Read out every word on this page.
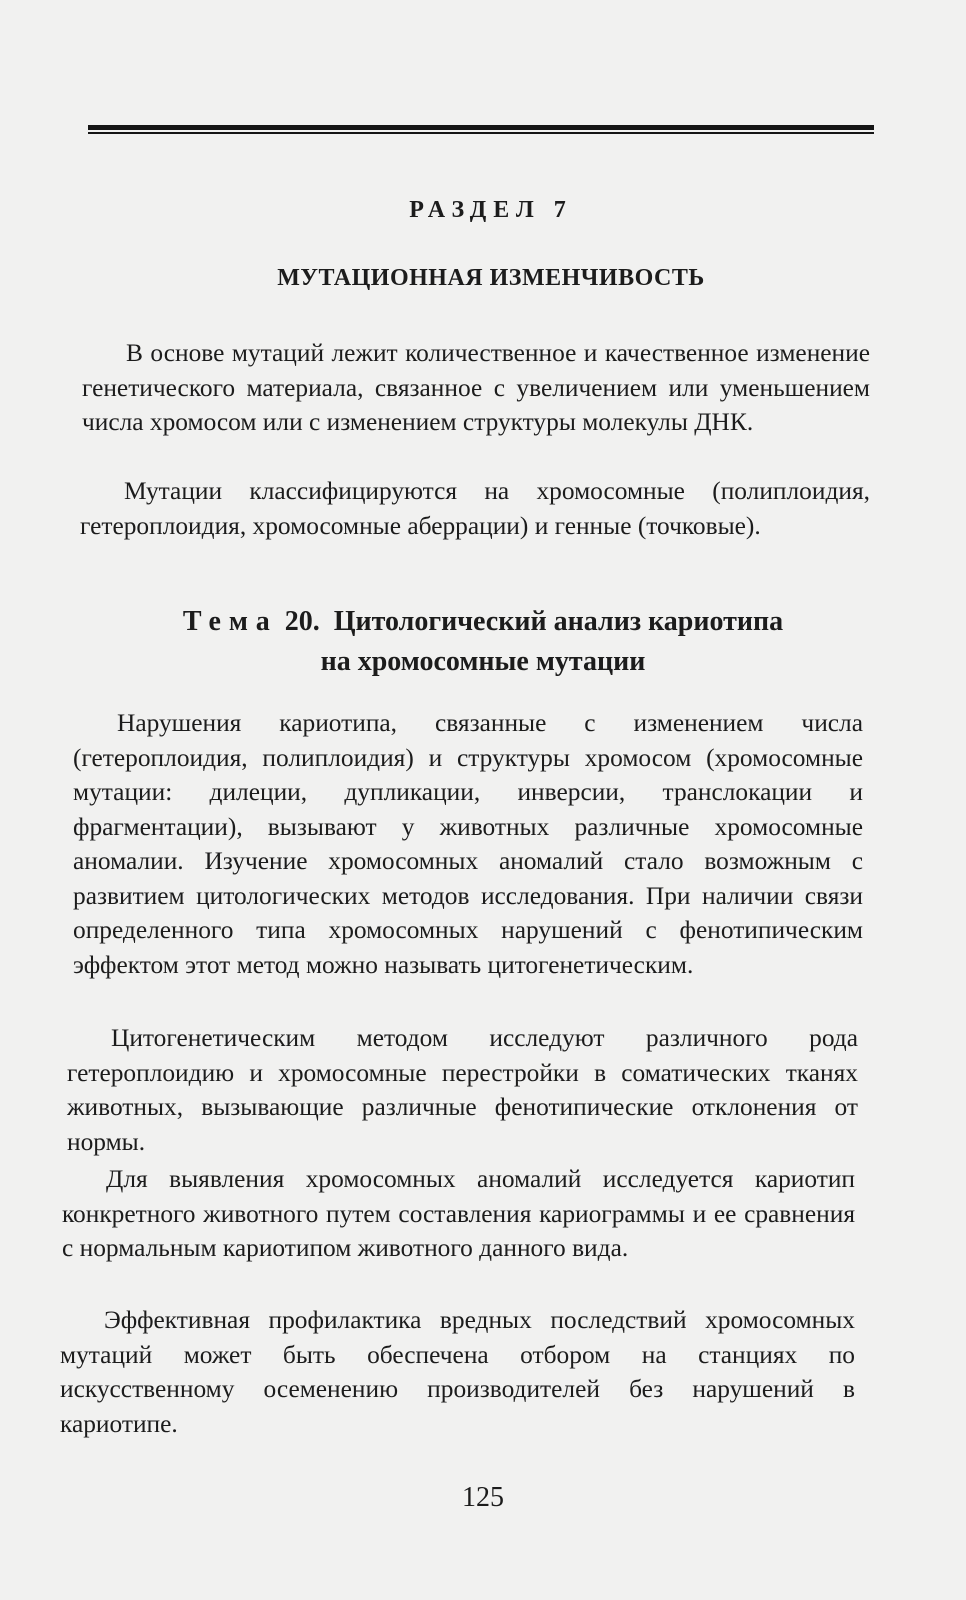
РАЗДЕЛ 7
МУТАЦИОННАЯ ИЗМЕНЧИВОСТЬ

В основе мутаций лежит количественное и качественное изменение генетического материала, связанное с увеличением или уменьшением числа хромосом или с изменением структуры молекулы ДНК.

Мутации классифицируются на хромосомные (полиплоидия, гетероплоидия, хромосомные аберрации) и генные (точковые).

Тема 20. Цитологический анализ кариотипа
на хромосомные мутации

Нарушения кариотипа, связанные с изменением числа (гетероплоидия, полиплоидия) и структуры хромосом (хромосомные мутации: дилеции, дупликации, инверсии, транслокации и фрагментации), вызывают у животных различные хромосомные аномалии. Изучение хромосомных аномалий стало возможным с развитием цитологических методов исследования. При наличии связи определенного типа хромосомных нарушений с фенотипическим эффектом этот метод можно называть цитогенетическим.

Цитогенетическим методом исследуют различного рода гетероплоидию и хромосомные перестройки в соматических тканях животных, вызывающие различные фенотипические отклонения от нормы.

Для выявления хромосомных аномалий исследуется кариотип конкретного животного путем составления кариограммы и ее сравнения с нормальным кариотипом животного данного вида.

Эффективная профилактика вредных последствий хромосомных мутаций может быть обеспечена отбором на станциях по искусственному осеменению производителей без нарушений в кариотипе.

125
